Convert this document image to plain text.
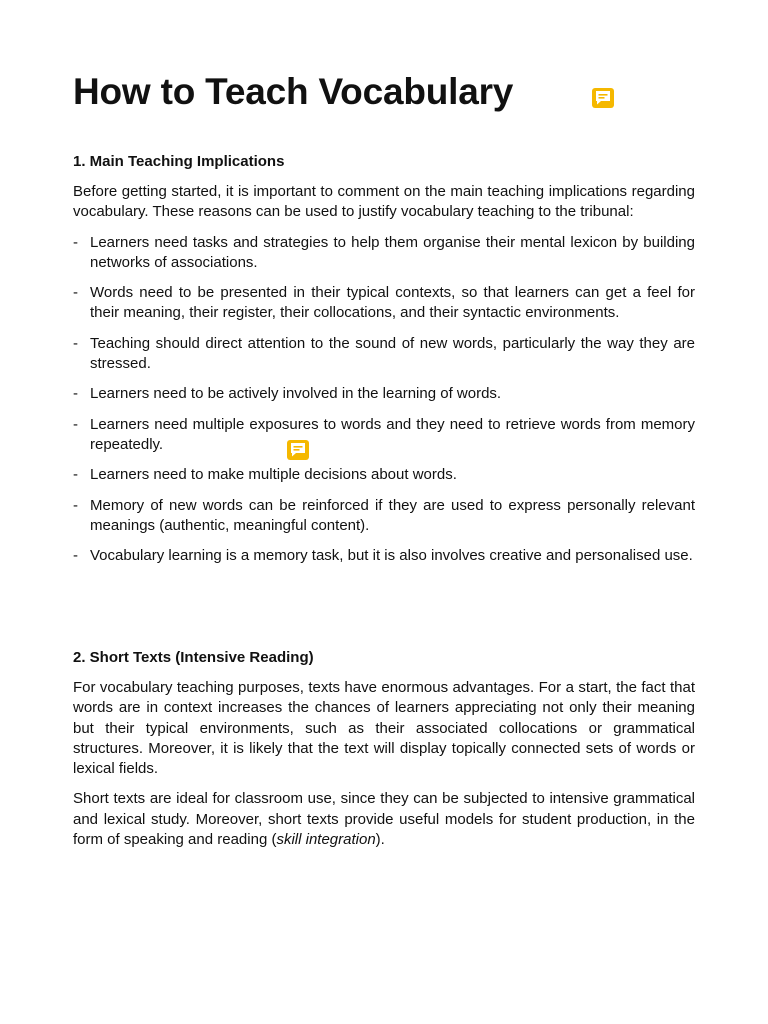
How to Teach Vocabulary
1. Main Teaching Implications

Before getting started, it is important to comment on the main teaching implications regarding vocabulary. These reasons can be used to justify vocabulary teaching to the tribunal:

- Learners need tasks and strategies to help them organise their mental lexicon by building networks of associations.
- Words need to be presented in their typical contexts, so that learners can get a feel for their meaning, their register, their collocations, and their syntactic environments.
- Teaching should direct attention to the sound of new words, particularly the way they are stressed.
- Learners need to be actively involved in the learning of words.
- Learners need multiple exposures to words and they need to retrieve words from memory repeatedly.
- Learners need to make multiple decisions about words.
- Memory of new words can be reinforced if they are used to express personally relevant meanings (authentic, meaningful content).
- Vocabulary learning is a memory task, but it is also involves creative and personalised use.
2. Short Texts (Intensive Reading)

For vocabulary teaching purposes, texts have enormous advantages. For a start, the fact that words are in context increases the chances of learners appreciating not only their meaning but their typical environments, such as their associated collocations or grammatical structures. Moreover, it is likely that the text will display topically connected sets of words or lexical fields.

Short texts are ideal for classroom use, since they can be subjected to intensive grammatical and lexical study. Moreover, short texts provide useful models for student production, in the form of speaking and reading (skill integration).
